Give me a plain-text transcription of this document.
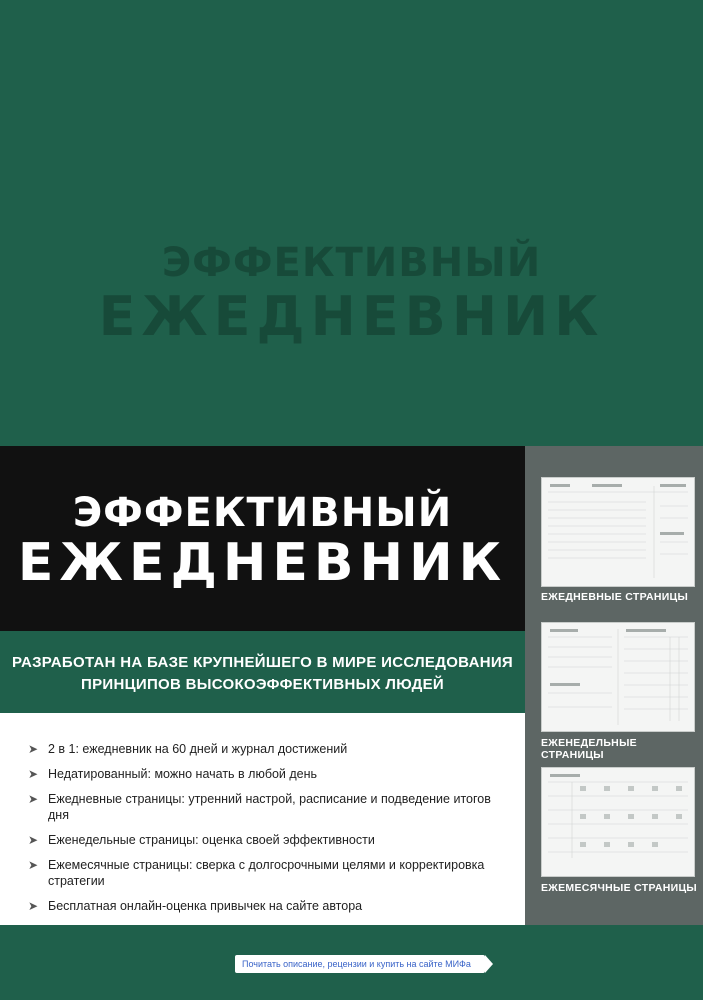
ЭФФЕКТИВНЫЙ
ЕЖЕДНЕВНИК
ЭФФЕКТИВНЫЙ
ЕЖЕДНЕВНИК
РАЗРАБОТАН НА БАЗЕ КРУПНЕЙШЕГО В МИРЕ ИССЛЕДОВАНИЯ
ПРИНЦИПОВ ВЫСОКОЭФФЕКТИВНЫХ ЛЮДЕЙ
➤ 2 в 1: ежедневник на 60 дней и журнал достижений
➤ Недатированный: можно начать в любой день
➤ Ежедневные страницы: утренний настрой, расписание и подведение итогов дня
➤ Еженедельные страницы: оценка своей эффективности
➤ Ежемесячные страницы: сверка с долгосрочными целями и корректировка стратегии
➤ Бесплатная онлайн-оценка привычек на сайте автора
ЕЖЕДНЕВНЫЕ СТРАНИЦЫ
ЕЖЕНЕДЕЛЬНЫЕ СТРАНИЦЫ
ЕЖЕМЕСЯЧНЫЕ СТРАНИЦЫ
Почитать описание, рецензии и купить на сайте МИФа
